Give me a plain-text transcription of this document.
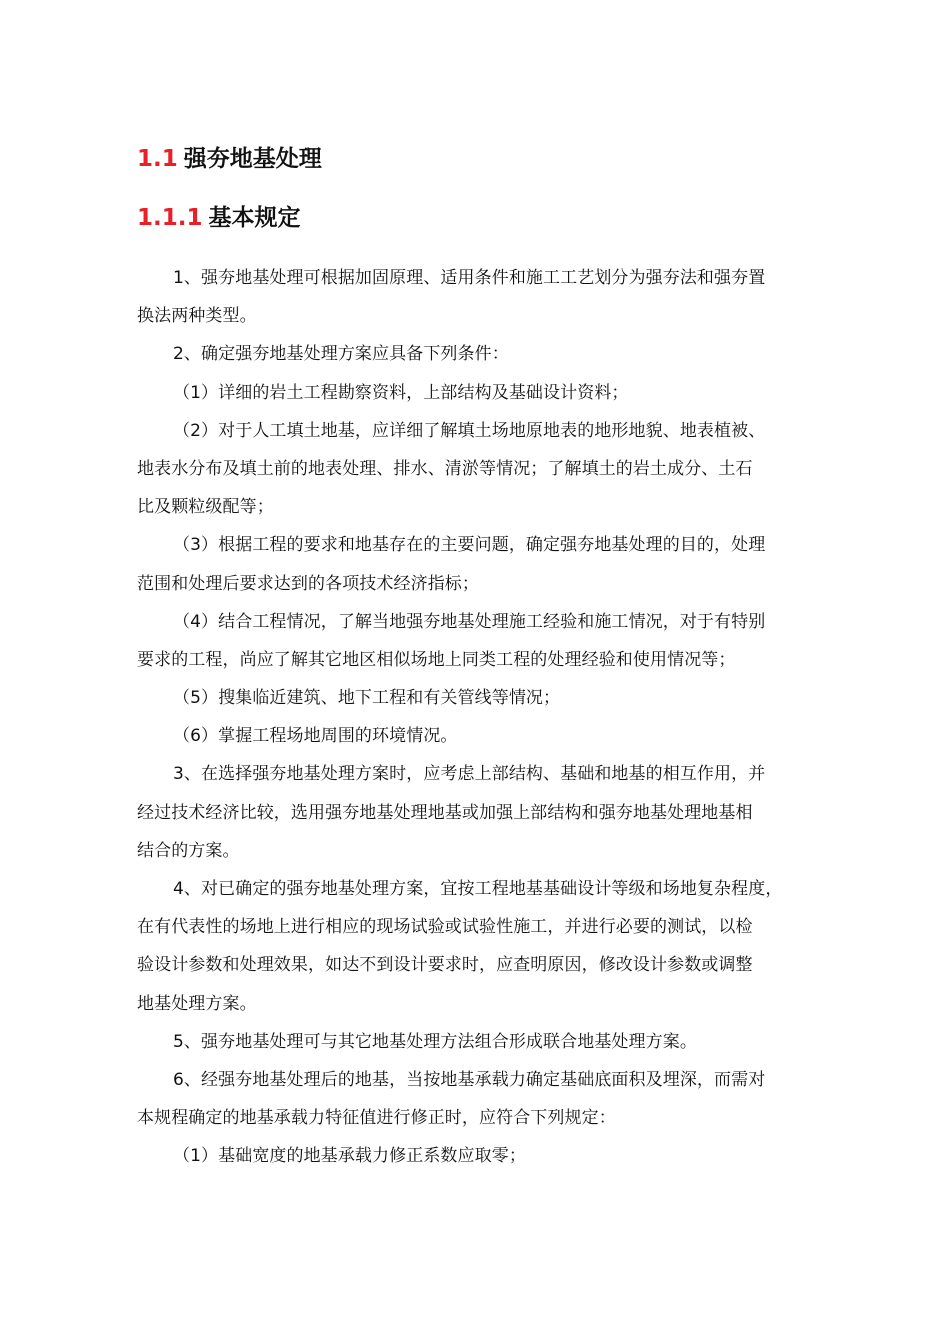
1.1 强夯地基处理
1.1.1 基本规定
1、强夯地基处理可根据加固原理、适用条件和施工工艺划分为强夯法和强夯置
换法两种类型。
2、确定强夯地基处理方案应具备下列条件：
（1）详细的岩土工程勘察资料，上部结构及基础设计资料；
（2）对于人工填土地基，应详细了解填土场地原地表的地形地貌、地表植被、
地表水分布及填土前的地表处理、排水、清淤等情况；了解填土的岩土成分、土石
比及颗粒级配等；
（3）根据工程的要求和地基存在的主要问题，确定强夯地基处理的目的，处理
范围和处理后要求达到的各项技术经济指标；
（4）结合工程情况，了解当地强夯地基处理施工经验和施工情况，对于有特别
要求的工程，尚应了解其它地区相似场地上同类工程的处理经验和使用情况等；
（5）搜集临近建筑、地下工程和有关管线等情况；
（6）掌握工程场地周围的环境情况。
3、在选择强夯地基处理方案时，应考虑上部结构、基础和地基的相互作用，并
经过技术经济比较，选用强夯地基处理地基或加强上部结构和强夯地基处理地基相
结合的方案。
4、对已确定的强夯地基处理方案，宜按工程地基基础设计等级和场地复杂程度，
在有代表性的场地上进行相应的现场试验或试验性施工，并进行必要的测试，以检
验设计参数和处理效果，如达不到设计要求时，应查明原因，修改设计参数或调整
地基处理方案。
5、强夯地基处理可与其它地基处理方法组合形成联合地基处理方案。
6、经强夯地基处理后的地基，当按地基承载力确定基础底面积及埋深，而需对
本规程确定的地基承载力特征值进行修正时，应符合下列规定：
（1）基础宽度的地基承载力修正系数应取零；
